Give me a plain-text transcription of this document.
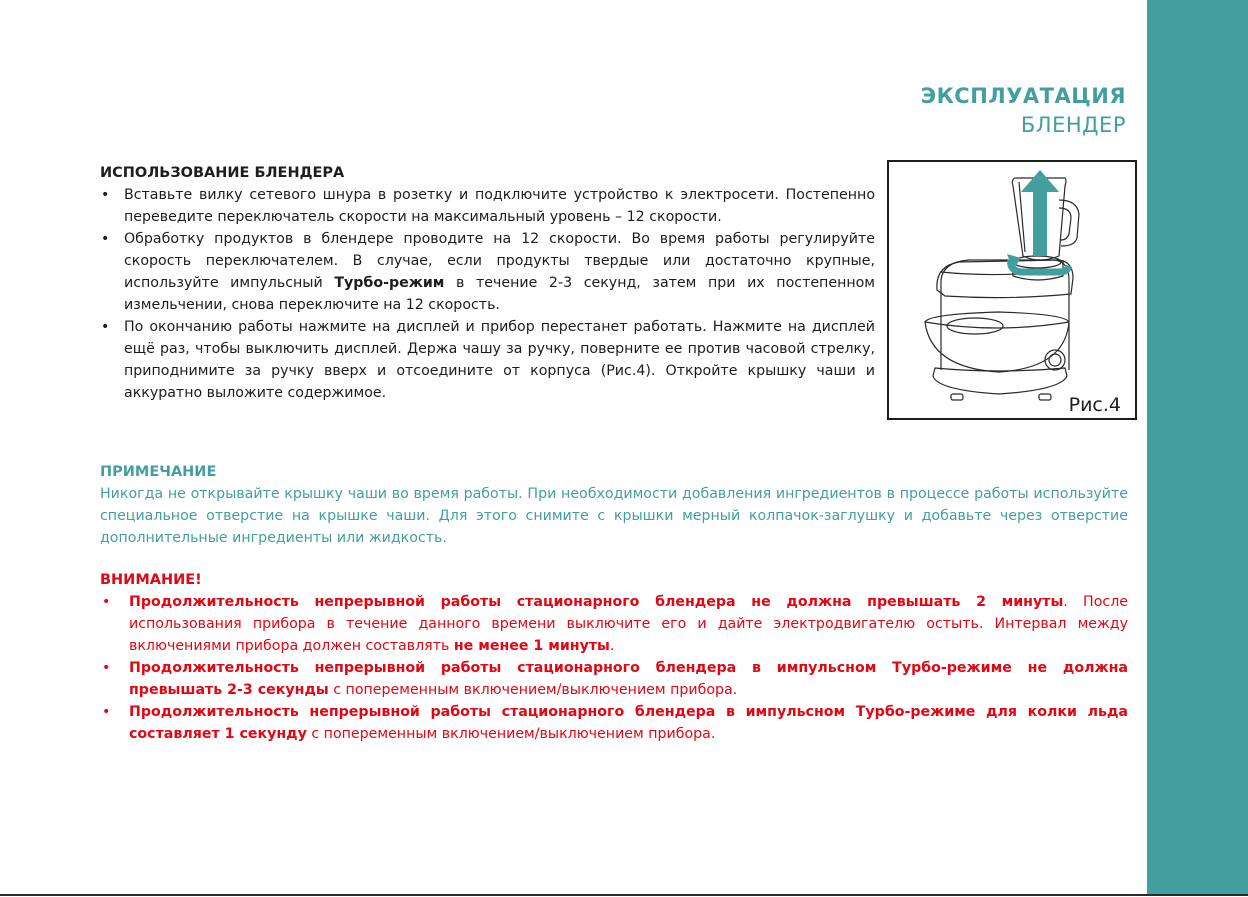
ЭКСПЛУАТАЦИЯ
БЛЕНДЕР
ИСПОЛЬЗОВАНИЕ БЛЕНДЕРА
• Вставьте вилку сетевого шнура в розетку и подключите устройство к электросети. Постепенно переведите переключатель скорости на максимальный уровень – 12 скорости.
• Обработку продуктов в блендере проводите на 12 скорости. Во время работы регулируйте скорость переключателем. В случае, если продукты твердые или достаточно крупные, используйте импульсный Турбо-режим в течение 2-3 секунд, затем при их постепенном измельчении, снова переключите на 12 скорость.
• По окончанию работы нажмите на дисплей и прибор перестанет работать. Нажмите на дисплей ещё раз, чтобы выключить дисплей. Держа чашу за ручку, поверните ее против часовой стрелку, приподнимите за ручку вверх и отсоедините от корпуса (Рис.4). Откройте крышку чаши и аккуратно выложите содержимое.
Рис.4
ПРИМЕЧАНИЕ
Никогда не открывайте крышку чаши во время работы. При необходимости добавления ингредиентов в процессе работы используйте специальное отверстие на крышке чаши. Для этого снимите с крышки мерный колпачок-заглушку и добавьте через отверстие дополнительные ингредиенты или жидкость.
ВНИМАНИЕ!
• Продолжительность непрерывной работы стационарного блендера не должна превышать 2 минуты. После использования прибора в течение данного времени выключите его и дайте электродвигателю остыть. Интервал между включениями прибора должен составлять не менее 1 минуты.
• Продолжительность непрерывной работы стационарного блендера в импульсном Турбо-режиме не должна превышать 2-3 секунды с попеременным включением/выключением прибора.
• Продолжительность непрерывной работы стационарного блендера в импульсном Турбо-режиме для колки льда составляет 1 секунду с попеременным включением/выключением прибора.
